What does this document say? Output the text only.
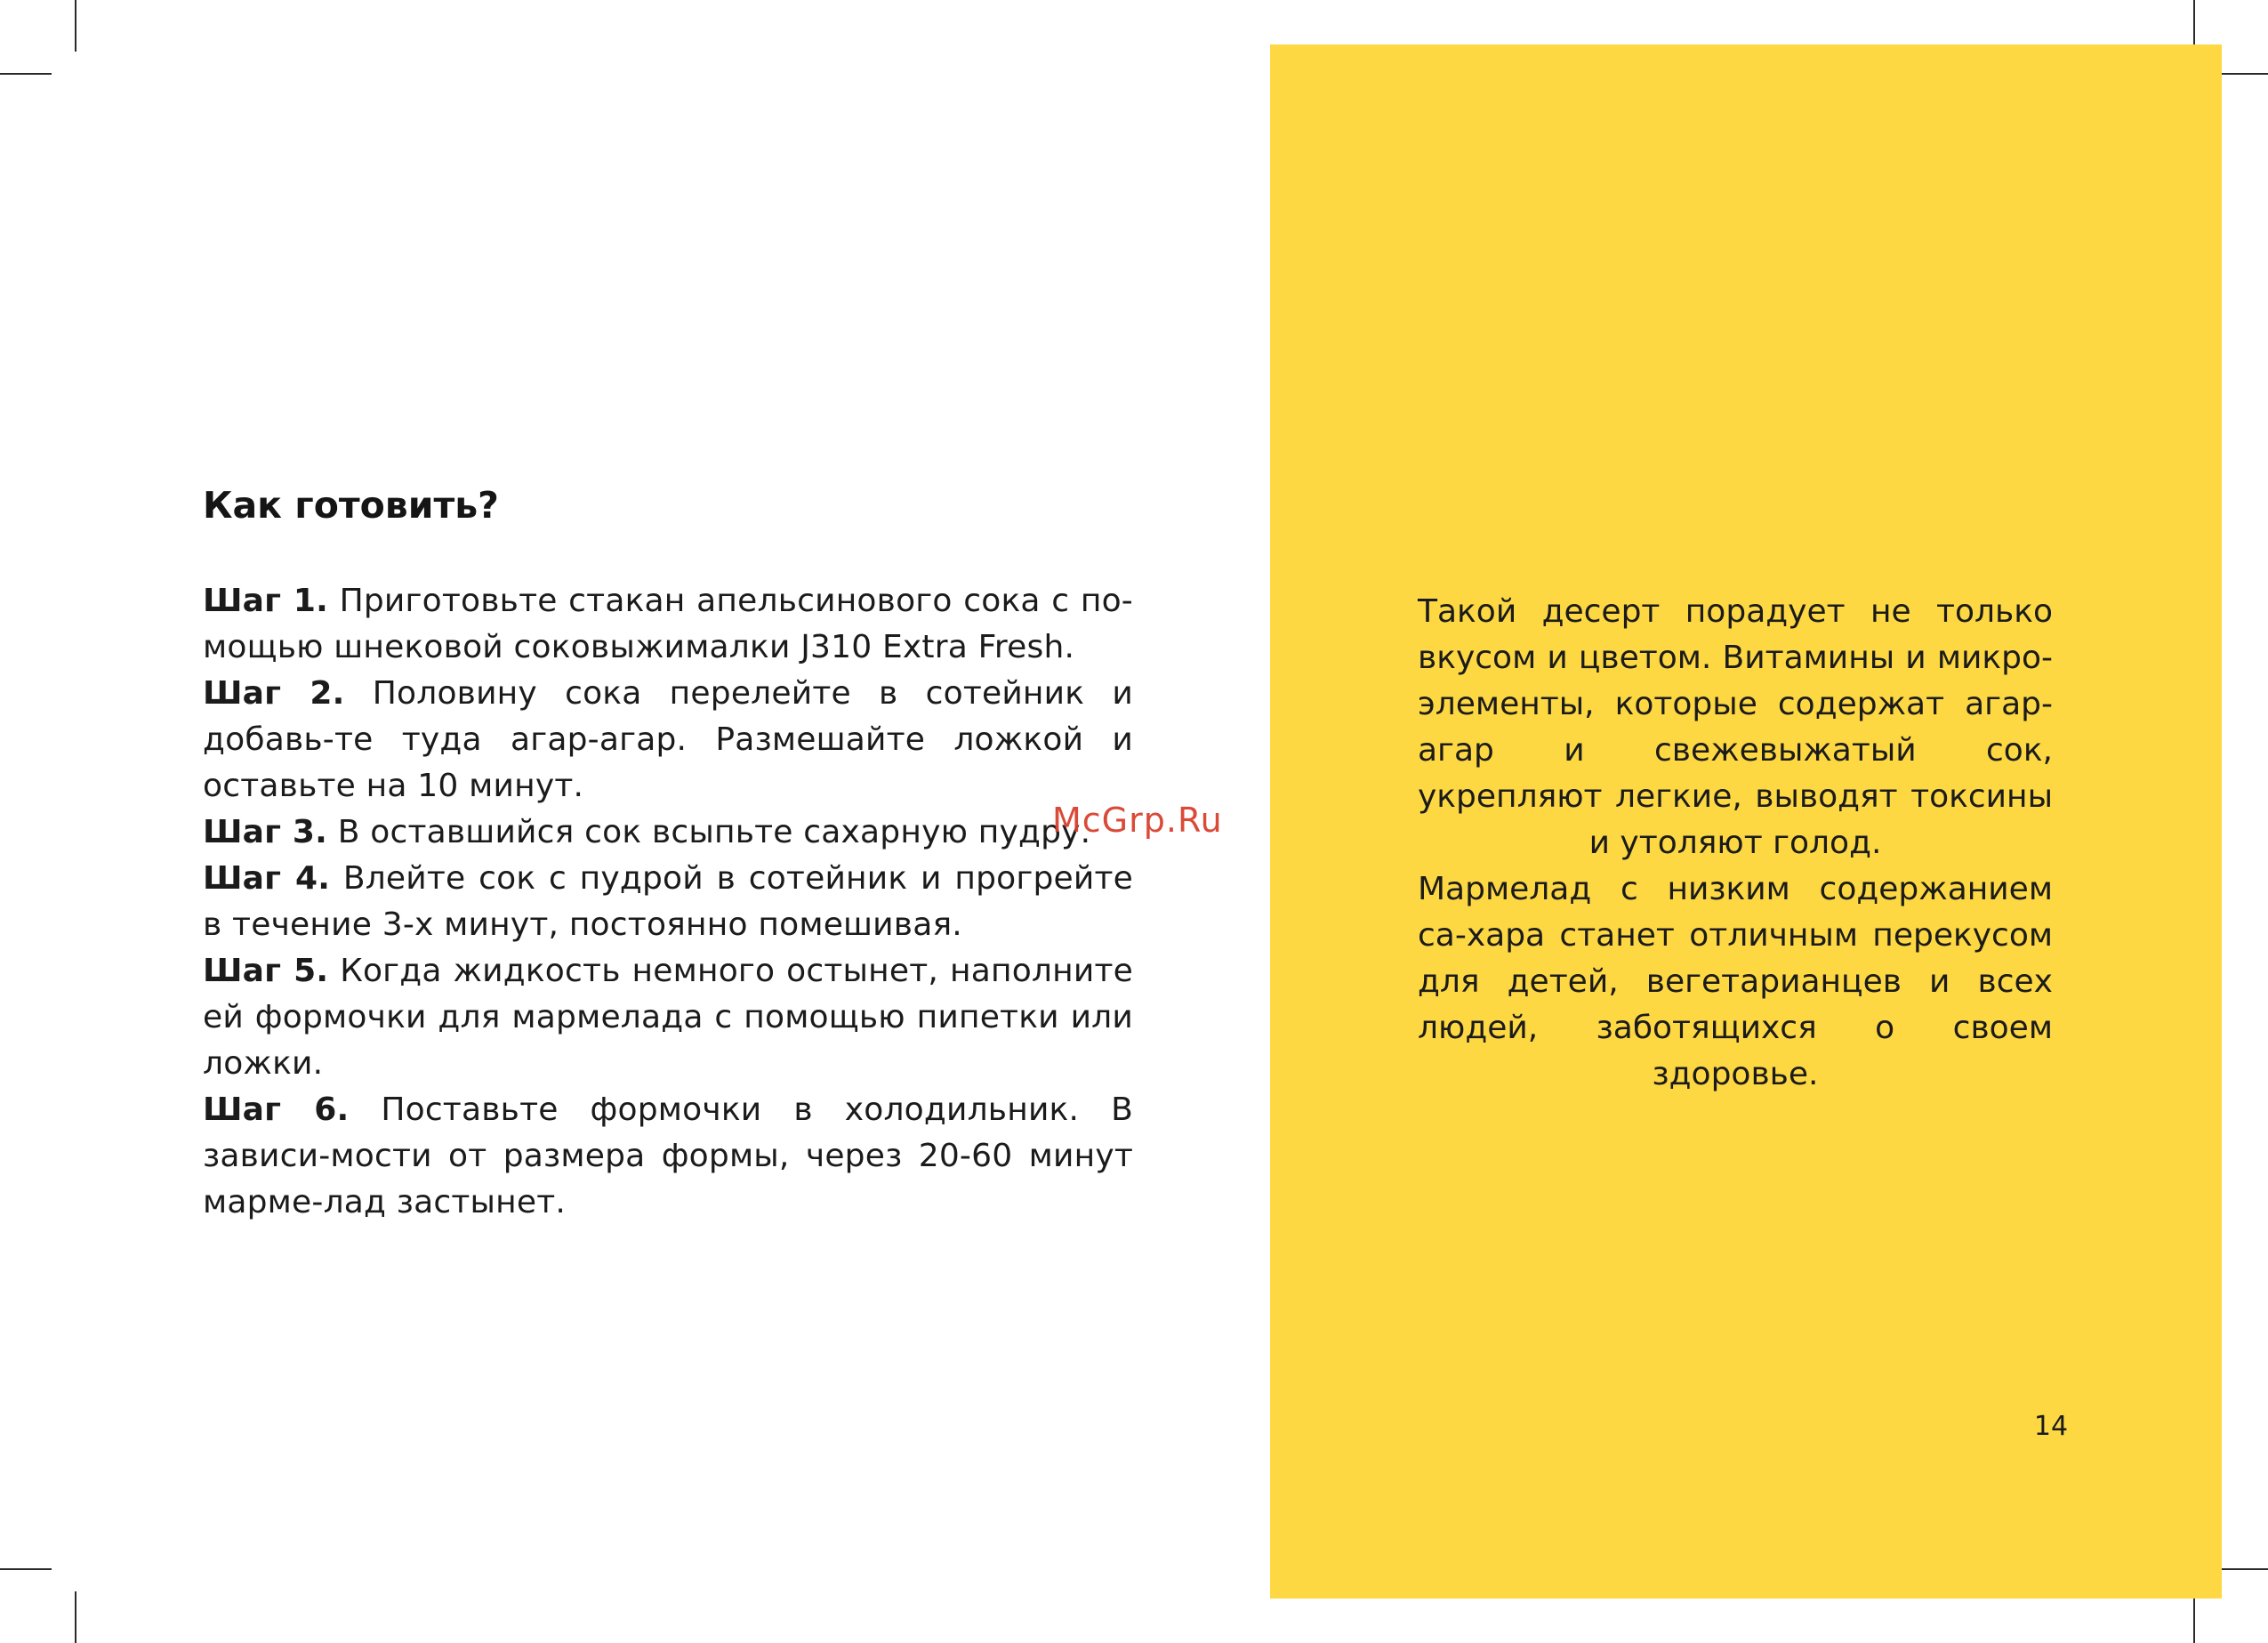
Как готовить?

Шаг 1. Приготовьте стакан апельсинового сока с по-мощью шнековой соковыжималки J310 Extra Fresh.

Шаг 2. Половину сока перелейте в сотейник и добавь-те туда агар-агар. Размешайте ложкой и оставьте на 10 минут.

Шаг 3. В оставшийся сок всыпьте сахарную пудру.

Шаг 4. Влейте сок с пудрой в сотейник и прогрейте в течение 3-х минут, постоянно помешивая.

Шаг 5. Когда жидкость немного остынет, наполните ей формочки для мармелада с помощью пипетки или ложки.

Шаг 6. Поставьте формочки в холодильник. В зависи-мости от размера формы, через 20-60 минут марме-лад застынет.

McGrp.Ru

Такой десерт порадует не только вкусом и цветом. Витамины и микро-элементы, которые содержат агар-агар и свежевыжатый сок, укрепляют легкие, выводят токсины и утоляют голод.

Мармелад с низким содержанием са-хара станет отличным перекусом для детей, вегетарианцев и всех людей, заботящихся о своем здоровье.

14
